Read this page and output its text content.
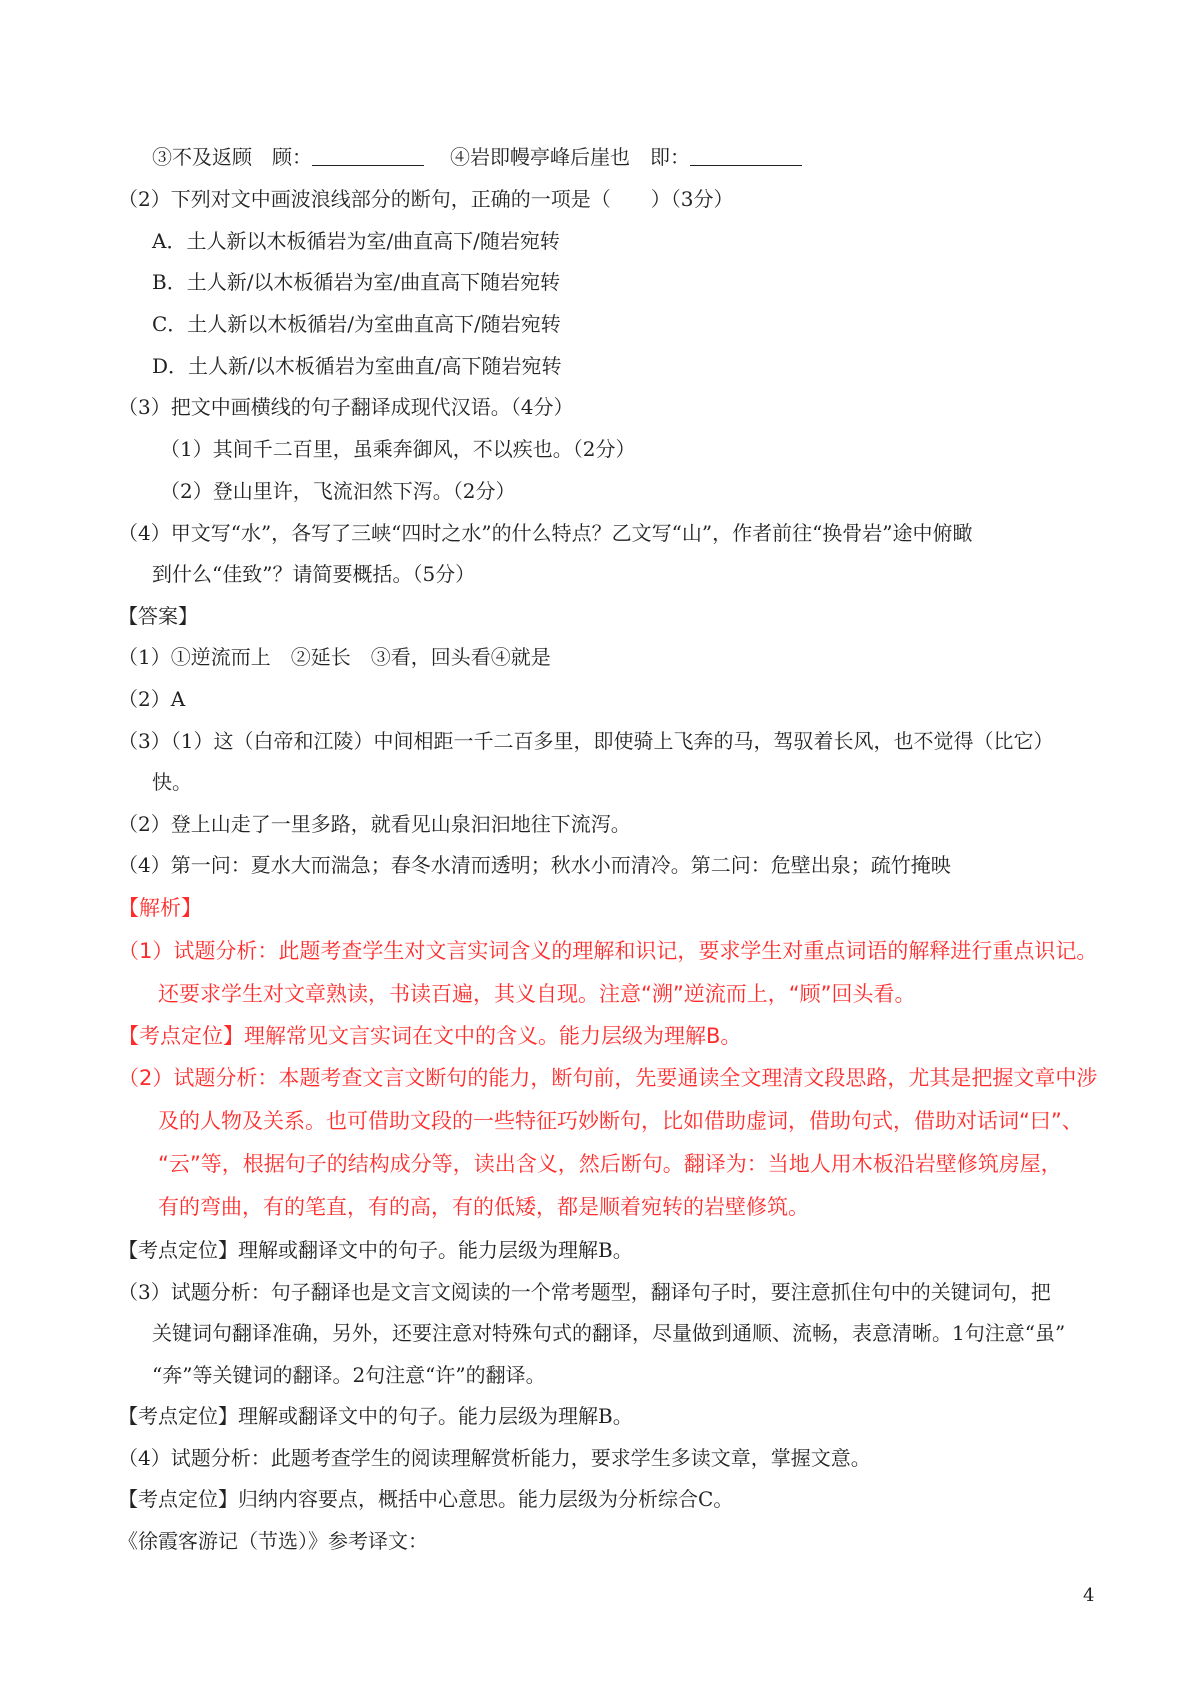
③不及返顾　顾：	④岩即幔亭峰后崖也　即：
（2）下列对文中画波浪线部分的断句，正确的一项是（　　）（3分）
A．土人新以木板循岩为室/曲直高下/随岩宛转
B．土人新/以木板循岩为室/曲直高下随岩宛转
C．土人新以木板循岩/为室曲直高下/随岩宛转
D．土人新/以木板循岩为室曲直/高下随岩宛转
（3）把文中画横线的句子翻译成现代汉语。（4分）
（1）其间千二百里，虽乘奔御风，不以疾也。（2分）
（2）登山里许，飞流汩然下泻。（2分）
（4）甲文写“水”，各写了三峡“四时之水”的什么特点？乙文写“山”，作者前往“换骨岩”途中俯瞰
到什么“佳致”？请简要概括。（5分）
【答案】
（1）①逆流而上　②延长　③看，回头看④就是
（2）A
（3）（1）这（白帝和江陵）中间相距一千二百多里，即使骑上飞奔的马，驾驭着长风，也不觉得（比它）
快。
（2）登上山走了一里多路，就看见山泉汩汩地往下流泻。
（4）第一问：夏水大而湍急；春冬水清而透明；秋水小而清冷。第二问：危壁出泉；疏竹掩映
【解析】
（1）试题分析：此题考查学生对文言实词含义的理解和识记，要求学生对重点词语的解释进行重点识记。
还要求学生对文章熟读，书读百遍，其义自现。注意“溯”逆流而上，“顾”回头看。
【考点定位】理解常见文言实词在文中的含义。能力层级为理解B。
（2）试题分析：本题考查文言文断句的能力，断句前，先要通读全文理清文段思路，尤其是把握文章中涉
及的人物及关系。也可借助文段的一些特征巧妙断句，比如借助虚词，借助句式，借助对话词“曰”、
“云”等，根据句子的结构成分等，读出含义，然后断句。翻译为：当地人用木板沿岩壁修筑房屋，
有的弯曲，有的笔直，有的高，有的低矮，都是顺着宛转的岩壁修筑。
【考点定位】理解或翻译文中的句子。能力层级为理解B。
（3）试题分析：句子翻译也是文言文阅读的一个常考题型，翻译句子时，要注意抓住句中的关键词句，把
关键词句翻译准确，另外，还要注意对特殊句式的翻译，尽量做到通顺、流畅，表意清晰。1句注意“虽”
“奔”等关键词的翻译。2句注意“许”的翻译。
【考点定位】理解或翻译文中的句子。能力层级为理解B。
（4）试题分析：此题考查学生的阅读理解赏析能力，要求学生多读文章，掌握文意。
【考点定位】归纳内容要点，概括中心意思。能力层级为分析综合C。
《徐霞客游记（节选）》参考译文：
4
